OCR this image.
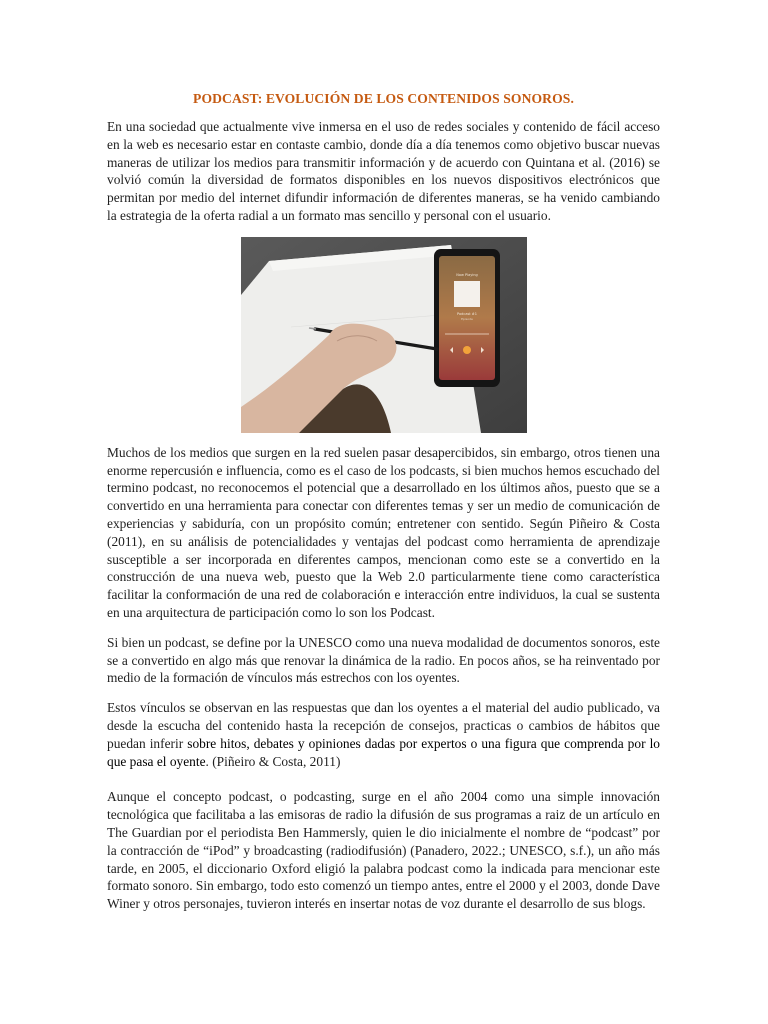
PODCAST: EVOLUCIÓN DE LOS CONTENIDOS SONOROS.

En una sociedad que actualmente vive inmersa en el uso de redes sociales y contenido de fácil acceso en la web es necesario estar en contaste cambio, donde día a día tenemos como objetivo buscar nuevas maneras de utilizar los medios para transmitir información y de acuerdo con Quintana et al. (2016) se volvió común la diversidad de formatos disponibles en los nuevos dispositivos electrónicos que permitan por medio del internet difundir información de diferentes maneras, se ha venido cambiando la estrategia de la oferta radial a un formato mas sencillo y personal con el usuario.

Now Playing
Podcast #1
Episode

Muchos de los medios que surgen en la red suelen pasar desapercibidos, sin embargo, otros tienen una enorme repercusión e influencia, como es el caso de los podcasts, si bien muchos hemos escuchado del termino podcast, no reconocemos el potencial que a desarrollado en los últimos años, puesto que se a convertido en una herramienta para conectar con diferentes temas y ser un medio de comunicación de experiencias y sabiduría, con un propósito común; entretener con sentido. Según Piñeiro & Costa (2011), en su análisis de potencialidades y ventajas del podcast como herramienta de aprendizaje susceptible a ser incorporada en diferentes campos, mencionan como este se a convertido en la construcción de una nueva web, puesto que la Web 2.0 particularmente tiene como característica facilitar la conformación de una red de colaboración e interacción entre individuos, la cual se sustenta en una arquitectura de participación como lo son los Podcast.

Si bien un podcast, se define por la UNESCO como una nueva modalidad de documentos sonoros, este se a convertido en algo más que renovar la dinámica de la radio. En pocos años, se ha reinventado por medio de la formación de vínculos más estrechos con los oyentes.

Estos vínculos se observan en las respuestas que dan los oyentes a el material del audio publicado, va desde la escucha del contenido hasta la recepción de consejos, practicas o cambios de hábitos que puedan inferir sobre hitos, debates y opiniones dadas por expertos o una figura que comprenda por lo que pasa el oyente. (Piñeiro & Costa, 2011)

Aunque el concepto podcast, o podcasting, surge en el año 2004 como una simple innovación tecnológica que facilitaba a las emisoras de radio la difusión de sus programas a raiz de un artículo en The Guardian por el periodista Ben Hammersly, quien le dio inicialmente el nombre de “podcast” por la contracción de “iPod” y broadcasting (radiodifusión) (Panadero, 2022.; UNESCO, s.f.), un año más tarde, en 2005, el diccionario Oxford eligió la palabra podcast como la indicada para mencionar este formato sonoro. Sin embargo, todo esto comenzó un tiempo antes, entre el 2000 y el 2003, donde Dave Winer y otros personajes, tuvieron interés en insertar notas de voz durante el desarrollo de sus blogs.
